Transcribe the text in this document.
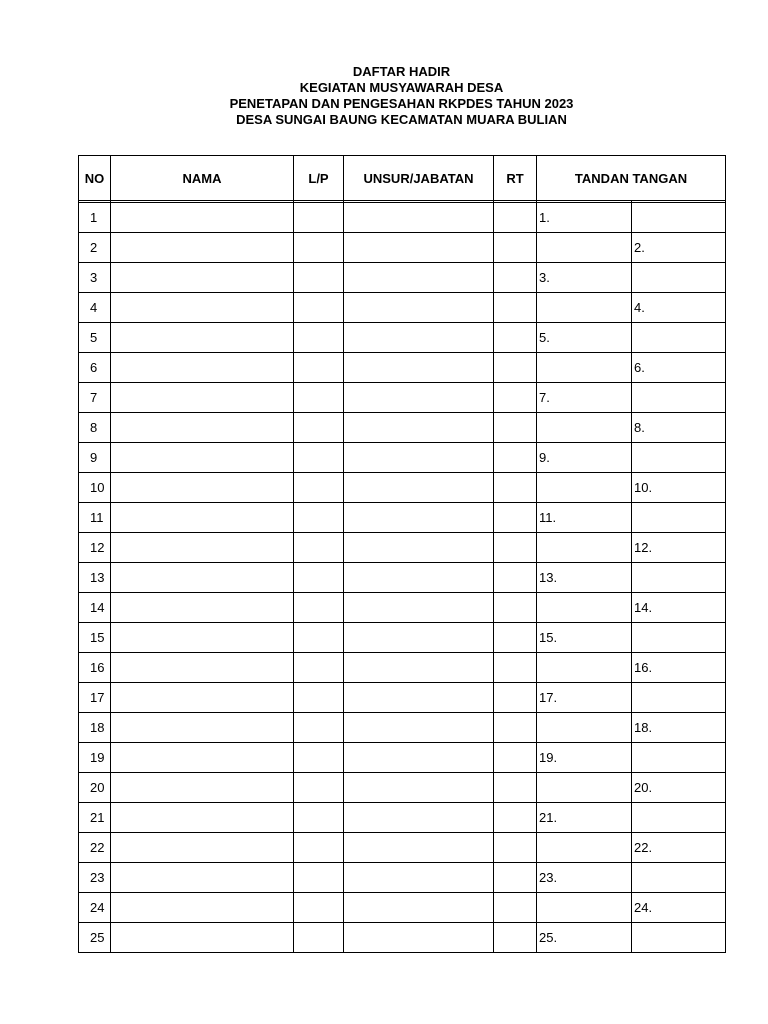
DAFTAR HADIR
KEGIATAN MUSYAWARAH DESA
PENETAPAN DAN PENGESAHAN RKPDES TAHUN 2023
DESA SUNGAI BAUNG KECAMATAN MUARA BULIAN
NO	NAMA	L/P	UNSUR/JABATAN	RT	TANDAN TANGAN	

1					1.	
2						2.
3					3.	
4						4.
5					5.	
6						6.
7					7.	
8						8.
9					9.	
10						10.
11					11.	
12						12.
13					13.	
14						14.
15					15.	
16						16.
17					17.	
18						18.
19					19.	
20						20.
21					21.	
22						22.
23					23.	
24						24.
25					25.	
